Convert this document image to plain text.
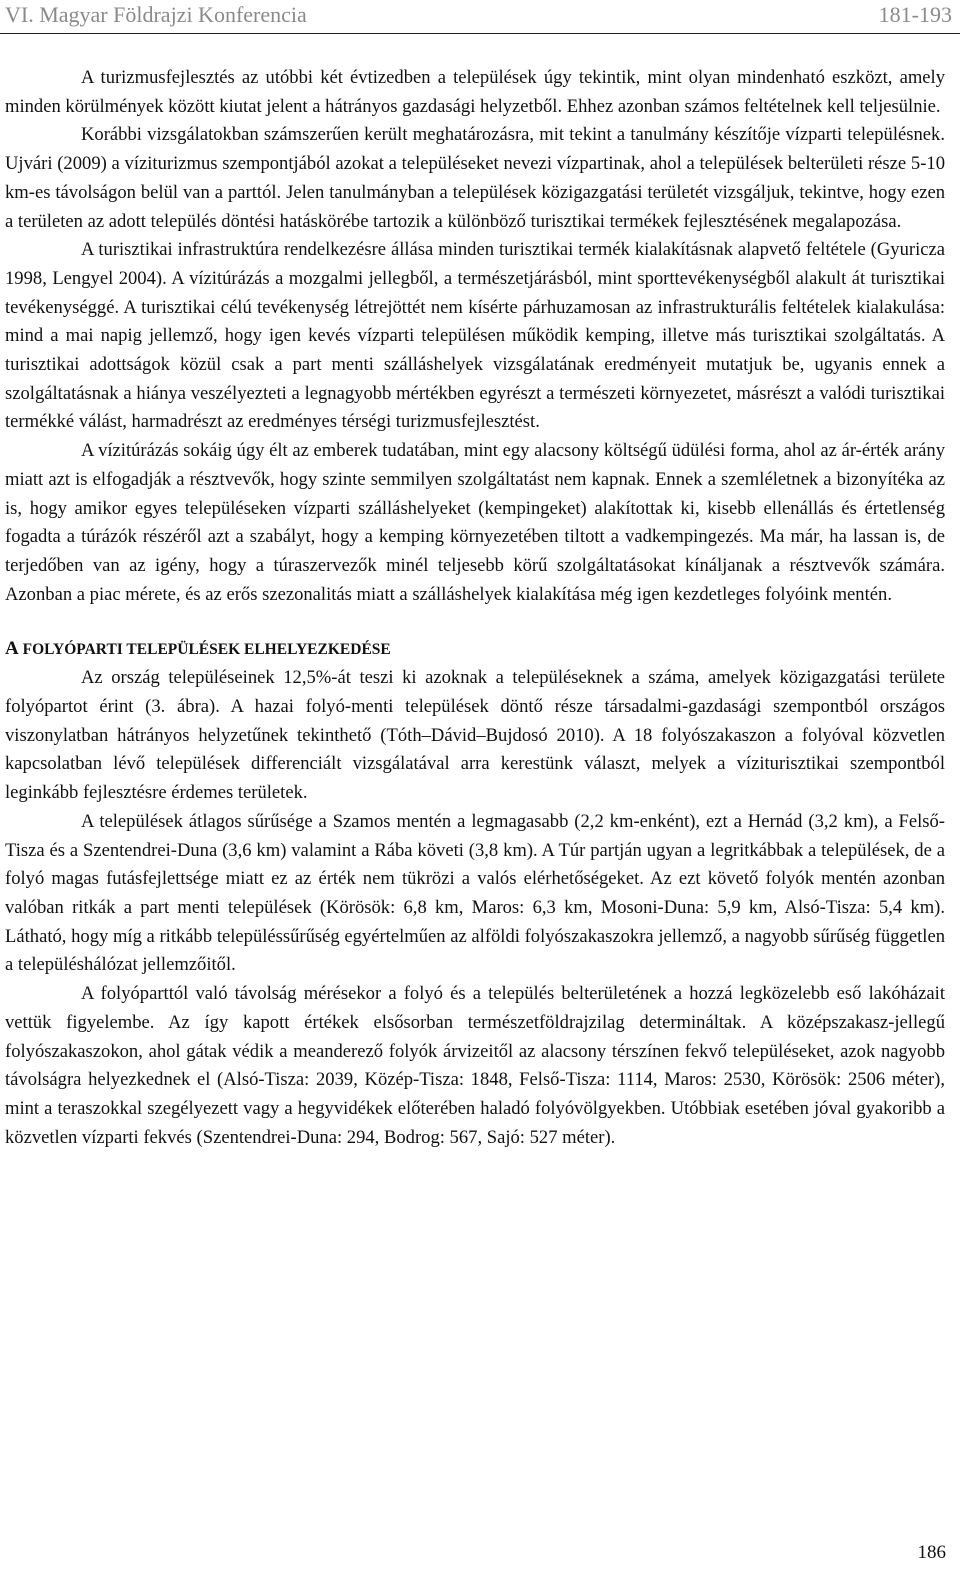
VI. Magyar Földrajzi Konferencia	181-193

A turizmusfejlesztés az utóbbi két évtizedben a települések úgy tekintik, mint olyan mindenható eszközt, amely minden körülmények között kiutat jelent a hátrányos gazdasági helyzetből. Ehhez azonban számos feltételnek kell teljesülnie.

Korábbi vizsgálatokban számszerűen került meghatározásra, mit tekint a tanulmány készítője vízparti településnek. Ujvári (2009) a víziturizmus szempontjából azokat a településeket nevezi vízpartinak, ahol a települések belterületi része 5-10 km-es távolságon belül van a parttól. Jelen tanulmányban a települések közigazgatási területét vizsgáljuk, tekintve, hogy ezen a területen az adott település döntési hatáskörébe tartozik a különböző turisztikai termékek fejlesztésének megalapozása.

A turisztikai infrastruktúra rendelkezésre állása minden turisztikai termék kialakításnak alapvető feltétele (Gyuricza 1998, Lengyel 2004). A vízitúrázás a mozgalmi jellegből, a természetjárásból, mint sporttevékenységből alakult át turisztikai tevékenységgé. A turisztikai célú tevékenység létrejöttét nem kísérte párhuzamosan az infrastrukturális feltételek kialakulása: mind a mai napig jellemző, hogy igen kevés vízparti településen működik kemping, illetve más turisztikai szolgáltatás. A turisztikai adottságok közül csak a part menti szálláshelyek vizsgálatának eredményeit mutatjuk be, ugyanis ennek a szolgáltatásnak a hiánya veszélyezteti a legnagyobb mértékben egyrészt a természeti környezetet, másrészt a valódi turisztikai termékké válást, harmadrészt az eredményes térségi turizmusfejlesztést.

A vízitúrázás sokáig úgy élt az emberek tudatában, mint egy alacsony költségű üdülési forma, ahol az ár-érték arány miatt azt is elfogadják a résztvevők, hogy szinte semmilyen szolgáltatást nem kapnak. Ennek a szemléletnek a bizonyítéka az is, hogy amikor egyes településeken vízparti szálláshelyeket (kempingeket) alakítottak ki, kisebb ellenállás és értetlenség fogadta a túrázók részéről azt a szabályt, hogy a kemping környezetében tiltott a vadkempingezés. Ma már, ha lassan is, de terjedőben van az igény, hogy a túraszervezők minél teljesebb körű szolgáltatásokat kínáljanak a résztvevők számára. Azonban a piac mérete, és az erős szezonalitás miatt a szálláshelyek kialakítása még igen kezdetleges folyóink mentén.

A FOLYÓPARTI TELEPÜLÉSEK ELHELYEZKEDÉSE

Az ország településeinek 12,5%-át teszi ki azoknak a településeknek a száma, amelyek közigazgatási területe folyópartot érint (3. ábra). A hazai folyó-menti települések döntő része társadalmi-gazdasági szempontból országos viszonylatban hátrányos helyzetűnek tekinthető (Tóth–Dávid–Bujdosó 2010). A 18 folyószakaszon a folyóval közvetlen kapcsolatban lévő települések differenciált vizsgálatával arra kerestünk választ, melyek a víziturisztikai szempontból leginkább fejlesztésre érdemes területek.

A települések átlagos sűrűsége a Szamos mentén a legmagasabb (2,2 km-enként), ezt a Hernád (3,2 km), a Felső-Tisza és a Szentendrei-Duna (3,6 km) valamint a Rába követi (3,8 km). A Túr partján ugyan a legritkábbak a települések, de a folyó magas futásfejlettsége miatt ez az érték nem tükrözi a valós elérhetőségeket. Az ezt követő folyók mentén azonban valóban ritkák a part menti települések (Körösök: 6,8 km, Maros: 6,3 km, Mosoni-Duna: 5,9 km, Alsó-Tisza: 5,4 km). Látható, hogy míg a ritkább településsűrűség egyértelműen az alföldi folyószakaszokra jellemző, a nagyobb sűrűség független a településhálózat jellemzőitől.

A folyóparttól való távolság mérésekor a folyó és a település belterületének a hozzá legközelebb eső lakóházait vettük figyelembe. Az így kapott értékek elsősorban természetföldrajzilag determináltak. A középszakasz-jellegű folyószakaszokon, ahol gátak védik a meanderező folyók árvizeitől az alacsony térszínen fekvő településeket, azok nagyobb távolságra helyezkednek el (Alsó-Tisza: 2039, Közép-Tisza: 1848, Felső-Tisza: 1114, Maros: 2530, Körösök: 2506 méter), mint a teraszokkal szegélyezett vagy a hegyvidékek előterében haladó folyóvölgyekben. Utóbbiak esetében jóval gyakoribb a közvetlen vízparti fekvés (Szentendrei-Duna: 294, Bodrog: 567, Sajó: 527 méter).

186
